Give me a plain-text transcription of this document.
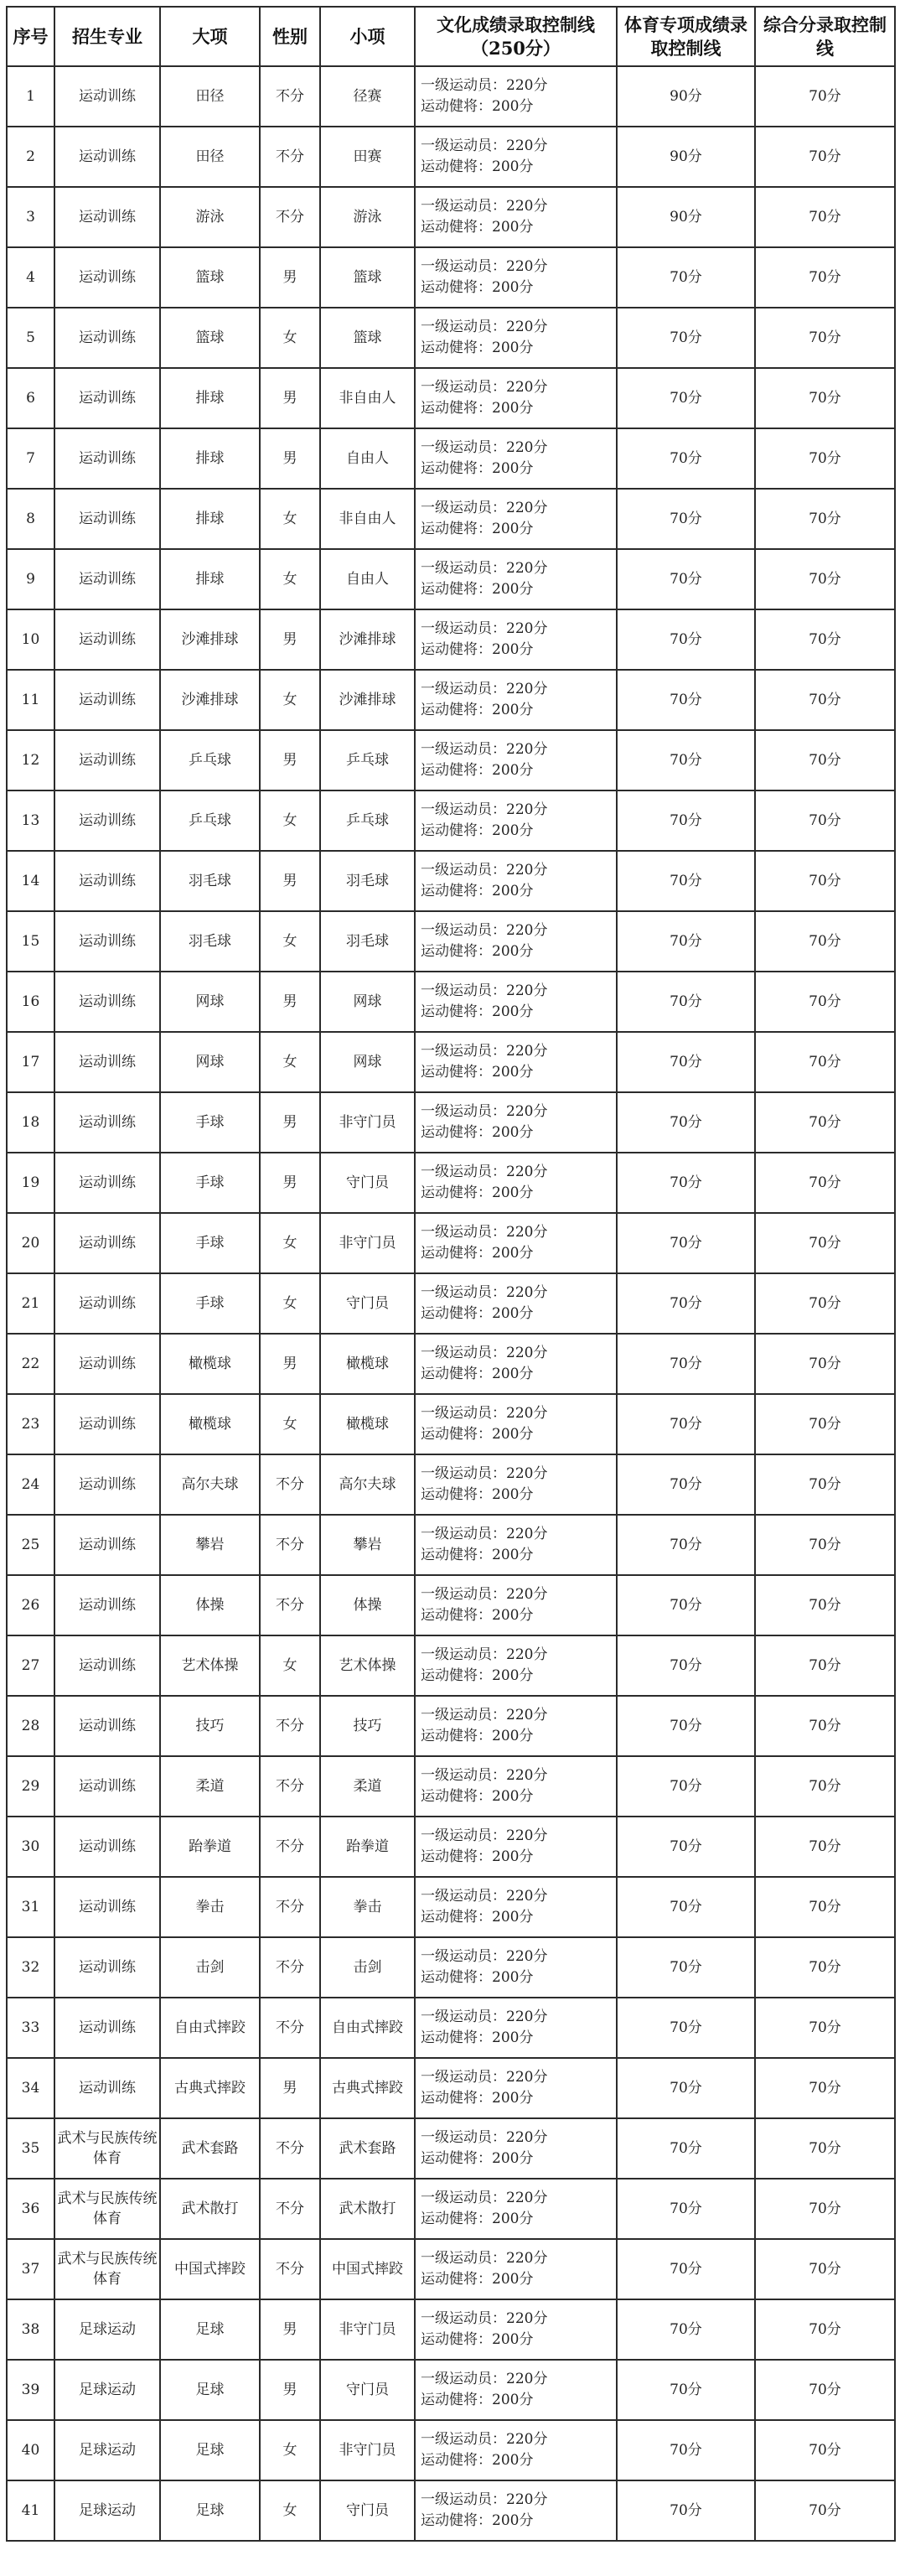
序号	招生专业	大项	性别	小项	文化成绩录取控制线（250分）	体育专项成绩录取控制线	综合分录取控制线
1	运动训练	田径	不分	径赛	一级运动员：220分
运动健将：200分	90分	70分
2	运动训练	田径	不分	田赛	一级运动员：220分
运动健将：200分	90分	70分
3	运动训练	游泳	不分	游泳	一级运动员：220分
运动健将：200分	90分	70分
4	运动训练	篮球	男	篮球	一级运动员：220分
运动健将：200分	70分	70分
5	运动训练	篮球	女	篮球	一级运动员：220分
运动健将：200分	70分	70分
6	运动训练	排球	男	非自由人	一级运动员：220分
运动健将：200分	70分	70分
7	运动训练	排球	男	自由人	一级运动员：220分
运动健将：200分	70分	70分
8	运动训练	排球	女	非自由人	一级运动员：220分
运动健将：200分	70分	70分
9	运动训练	排球	女	自由人	一级运动员：220分
运动健将：200分	70分	70分
10	运动训练	沙滩排球	男	沙滩排球	一级运动员：220分
运动健将：200分	70分	70分
11	运动训练	沙滩排球	女	沙滩排球	一级运动员：220分
运动健将：200分	70分	70分
12	运动训练	乒乓球	男	乒乓球	一级运动员：220分
运动健将：200分	70分	70分
13	运动训练	乒乓球	女	乒乓球	一级运动员：220分
运动健将：200分	70分	70分
14	运动训练	羽毛球	男	羽毛球	一级运动员：220分
运动健将：200分	70分	70分
15	运动训练	羽毛球	女	羽毛球	一级运动员：220分
运动健将：200分	70分	70分
16	运动训练	网球	男	网球	一级运动员：220分
运动健将：200分	70分	70分
17	运动训练	网球	女	网球	一级运动员：220分
运动健将：200分	70分	70分
18	运动训练	手球	男	非守门员	一级运动员：220分
运动健将：200分	70分	70分
19	运动训练	手球	男	守门员	一级运动员：220分
运动健将：200分	70分	70分
20	运动训练	手球	女	非守门员	一级运动员：220分
运动健将：200分	70分	70分
21	运动训练	手球	女	守门员	一级运动员：220分
运动健将：200分	70分	70分
22	运动训练	橄榄球	男	橄榄球	一级运动员：220分
运动健将：200分	70分	70分
23	运动训练	橄榄球	女	橄榄球	一级运动员：220分
运动健将：200分	70分	70分
24	运动训练	高尔夫球	不分	高尔夫球	一级运动员：220分
运动健将：200分	70分	70分
25	运动训练	攀岩	不分	攀岩	一级运动员：220分
运动健将：200分	70分	70分
26	运动训练	体操	不分	体操	一级运动员：220分
运动健将：200分	70分	70分
27	运动训练	艺术体操	女	艺术体操	一级运动员：220分
运动健将：200分	70分	70分
28	运动训练	技巧	不分	技巧	一级运动员：220分
运动健将：200分	70分	70分
29	运动训练	柔道	不分	柔道	一级运动员：220分
运动健将：200分	70分	70分
30	运动训练	跆拳道	不分	跆拳道	一级运动员：220分
运动健将：200分	70分	70分
31	运动训练	拳击	不分	拳击	一级运动员：220分
运动健将：200分	70分	70分
32	运动训练	击剑	不分	击剑	一级运动员：220分
运动健将：200分	70分	70分
33	运动训练	自由式摔跤	不分	自由式摔跤	一级运动员：220分
运动健将：200分	70分	70分
34	运动训练	古典式摔跤	男	古典式摔跤	一级运动员：220分
运动健将：200分	70分	70分
35	武术与民族传统体育	武术套路	不分	武术套路	一级运动员：220分
运动健将：200分	70分	70分
36	武术与民族传统体育	武术散打	不分	武术散打	一级运动员：220分
运动健将：200分	70分	70分
37	武术与民族传统体育	中国式摔跤	不分	中国式摔跤	一级运动员：220分
运动健将：200分	70分	70分
38	足球运动	足球	男	非守门员	一级运动员：220分
运动健将：200分	70分	70分
39	足球运动	足球	男	守门员	一级运动员：220分
运动健将：200分	70分	70分
40	足球运动	足球	女	非守门员	一级运动员：220分
运动健将：200分	70分	70分
41	足球运动	足球	女	守门员	一级运动员：220分
运动健将：200分	70分	70分
